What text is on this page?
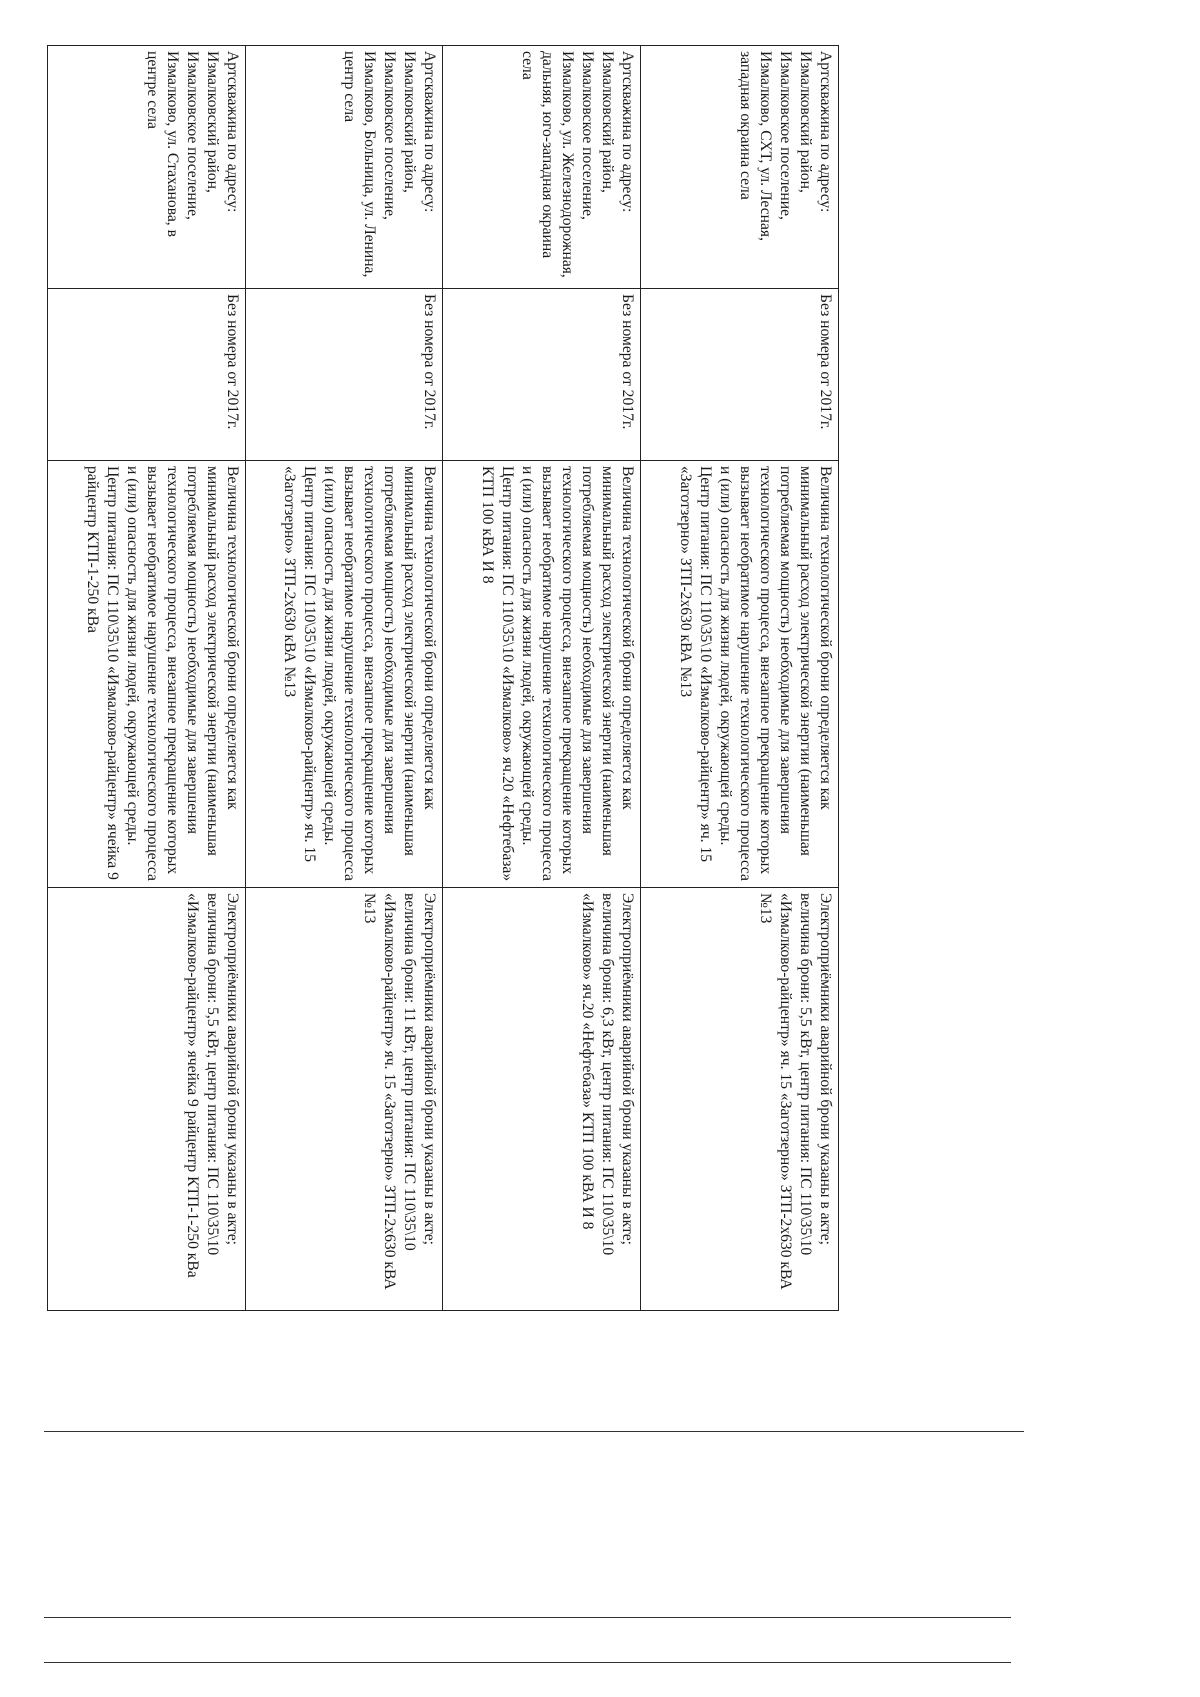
Артскважина по адресу: Измалковский район, Измалковское поселение, Измалково, СХТ, ул. Лесная, западная окраина села	Без номера от 2017г.	Величина технологической брони определяется как минимальный расход электрической энергии (наименьшая потребляемая мощность) необходимые для завершения технологического процесса, внезапное прекращение которых вызывает необратимое нарушение технологического процесса и (или) опасность для жизни людей, окружающей среды. Центр питания: ПС 110\35\10 «Измалково-райцентр» яч. 15 «Заготзерно» ЗТП-2х630 кВА №13	Электроприёмники аварийной брони указаны в акте; величина брони: 5,5 кВт, центр питания: ПС 110\35\10 «Измалково-райцентр» яч. 15 «Заготзерно» ЗТП-2х630 кВА №13
Артскважина по адресу: Измалковский район, Измалковское поселение, Измалково, ул. Железнодорожная, дальняя, юго-западная окраина села	Без номера от 2017г.	Величина технологической брони определяется как минимальный расход электрической энергии (наименьшая потребляемая мощность) необходимые для завершения технологического процесса, внезапное прекращение которых вызывает необратимое нарушение технологического процесса и (или) опасность для жизни людей, окружающей среды. Центр питания: ПС 110\35\10 «Измалково» яч.20 «Нефтебаза» КТП 100 кВА И 8	Электроприёмники аварийной брони указаны в акте; величина брони: 6,3 кВт, центр питания: ПС 110\35\10 «Измалково» яч.20 «Нефтебаза» КТП 100 кВА И 8
Артскважина по адресу: Измалковский район, Измалковское поселение, Измалково, Больница, ул. Ленина, центр села	Без номера от 2017г.	Величина технологической брони определяется как минимальный расход электрической энергии (наименьшая потребляемая мощность) необходимые для завершения технологического процесса, внезапное прекращение которых вызывает необратимое нарушение технологического процесса и (или) опасность для жизни людей, окружающей среды. Центр питания: ПС 110\35\10 «Измалково-райцентр» яч. 15 «Заготзерно» ЗТП-2х630 кВА №13	Электроприёмники аварийной брони указаны в акте; величина брони: 11 кВт, центр питания: ПС 110\35\10 «Измалково-райцентр» яч. 15 «Заготзерно» ЗТП-2х630 кВА №13
Артскважина по адресу: Измалковский район, Измалковское поселение, Измалково, ул. Стаханова, в центре села	Без номера от 2017г.	Величина технологической брони определяется как минимальный расход электрической энергии (наименьшая потребляемая мощность) необходимые для завершения технологического процесса, внезапное прекращение которых вызывает необратимое нарушение технологического процесса и (или) опасность для жизни людей, окружающей среды. Центр питания: ПС 110\35\10 «Измалково-райцентр» ячейка 9 райцентр КТП-1-250 кВа	Электроприёмники аварийной брони указаны в акте; величина брони: 5,5 кВт, центр питания: ПС 110\35\10 «Измалково-райцентр» ячейка 9 райцентр КТП-1-250 кВа
